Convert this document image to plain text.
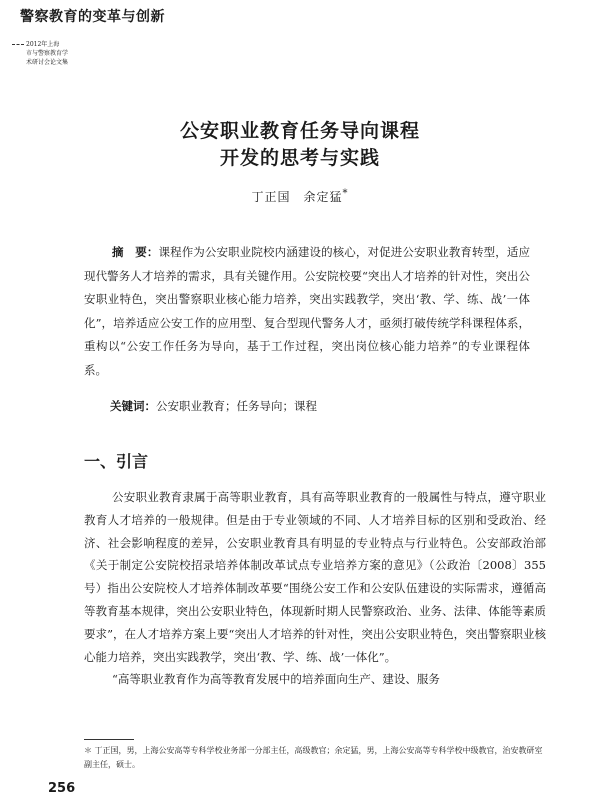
警察教育的变革与创新
2012年上海
市与警察教育学
术研讨会论文集
公安职业教育任务导向课程
开发的思考与实践
丁正国　余定猛*
摘　要：课程作为公安职业院校内涵建设的核心，对促进公安职业教育转型，适应现代警务人才培养的需求，具有关键作用。公安院校要“突出人才培养的针对性，突出公安职业特色，突出警察职业核心能力培养，突出实践教学，突出‘教、学、练、战’一体化”，培养适应公安工作的应用型、复合型现代警务人才，亟须打破传统学科课程体系，重构以“公安工作任务为导向，基于工作过程，突出岗位核心能力培养”的专业课程体系。
关键词：公安职业教育；任务导向；课程
一、引言

公安职业教育隶属于高等职业教育，具有高等职业教育的一般属性与特点，遵守职业教育人才培养的一般规律。但是由于专业领域的不同、人才培养目标的区别和受政治、经济、社会影响程度的差异，公安职业教育具有明显的专业特点与行业特色。公安部政治部《关于制定公安院校招录培养体制改革试点专业培养方案的意见》（公政治〔2008〕355号）指出公安院校人才培养体制改革要“围绕公安工作和公安队伍建设的实际需求，遵循高等教育基本规律，突出公安职业特色，体现新时期人民警察政治、业务、法律、体能等素质要求”，在人才培养方案上要“突出人才培养的针对性，突出公安职业特色，突出警察职业核心能力培养，突出实践教学，突出‘教、学、练、战’一体化”。

“高等职业教育作为高等教育发展中的培养面向生产、建设、服务

＊ 丁正国，男，上海公安高等专科学校业务部一分部主任，高级教官；余定猛，男，上海公安高等专科学校中级教官，治安教研室副主任，硕士。
256
